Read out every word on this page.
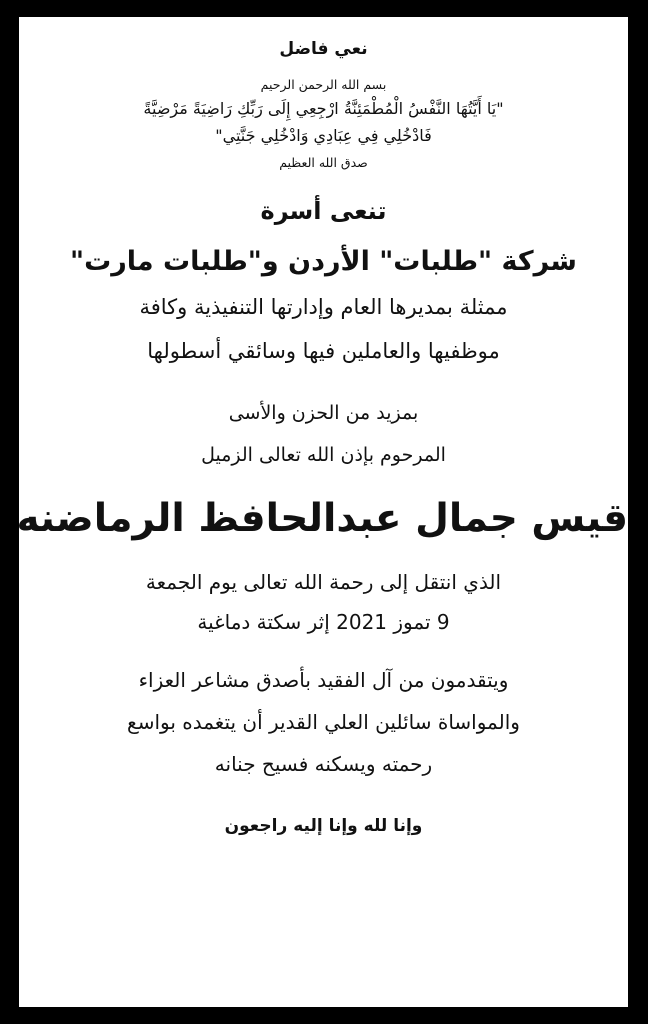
نعي فاضل
بسم الله الرحمن الرحيم
"يَا أَيَّتُهَا النَّفْسُ الْمُطْمَئِنَّةُ ارْجِعِي إِلَى رَبِّكِ رَاضِيَةً مَرْضِيَّةً
فَادْخُلِي فِي عِبَادِي وَادْخُلِي جَنَّتِي"
صدق الله العظيم
تنعى أسرة
شركة "طلبات" الأردن و"طلبات مارت"
ممثلة بمديرها العام وإدارتها التنفيذية وكافة
موظفيها والعاملين فيها وسائقي أسطولها
بمزيد من الحزن والأسى
المرحوم بإذن الله تعالى الزميل
قيس جمال عبدالحافظ الرماضنه
الذي انتقل إلى رحمة الله تعالى يوم الجمعة
9 تموز 2021 إثر سكتة دماغية
ويتقدمون من آل الفقيد بأصدق مشاعر العزاء
والمواساة سائلين العلي القدير أن يتغمده بواسع
رحمته ويسكنه فسيح جنانه
وإنا لله وإنا إليه راجعون
